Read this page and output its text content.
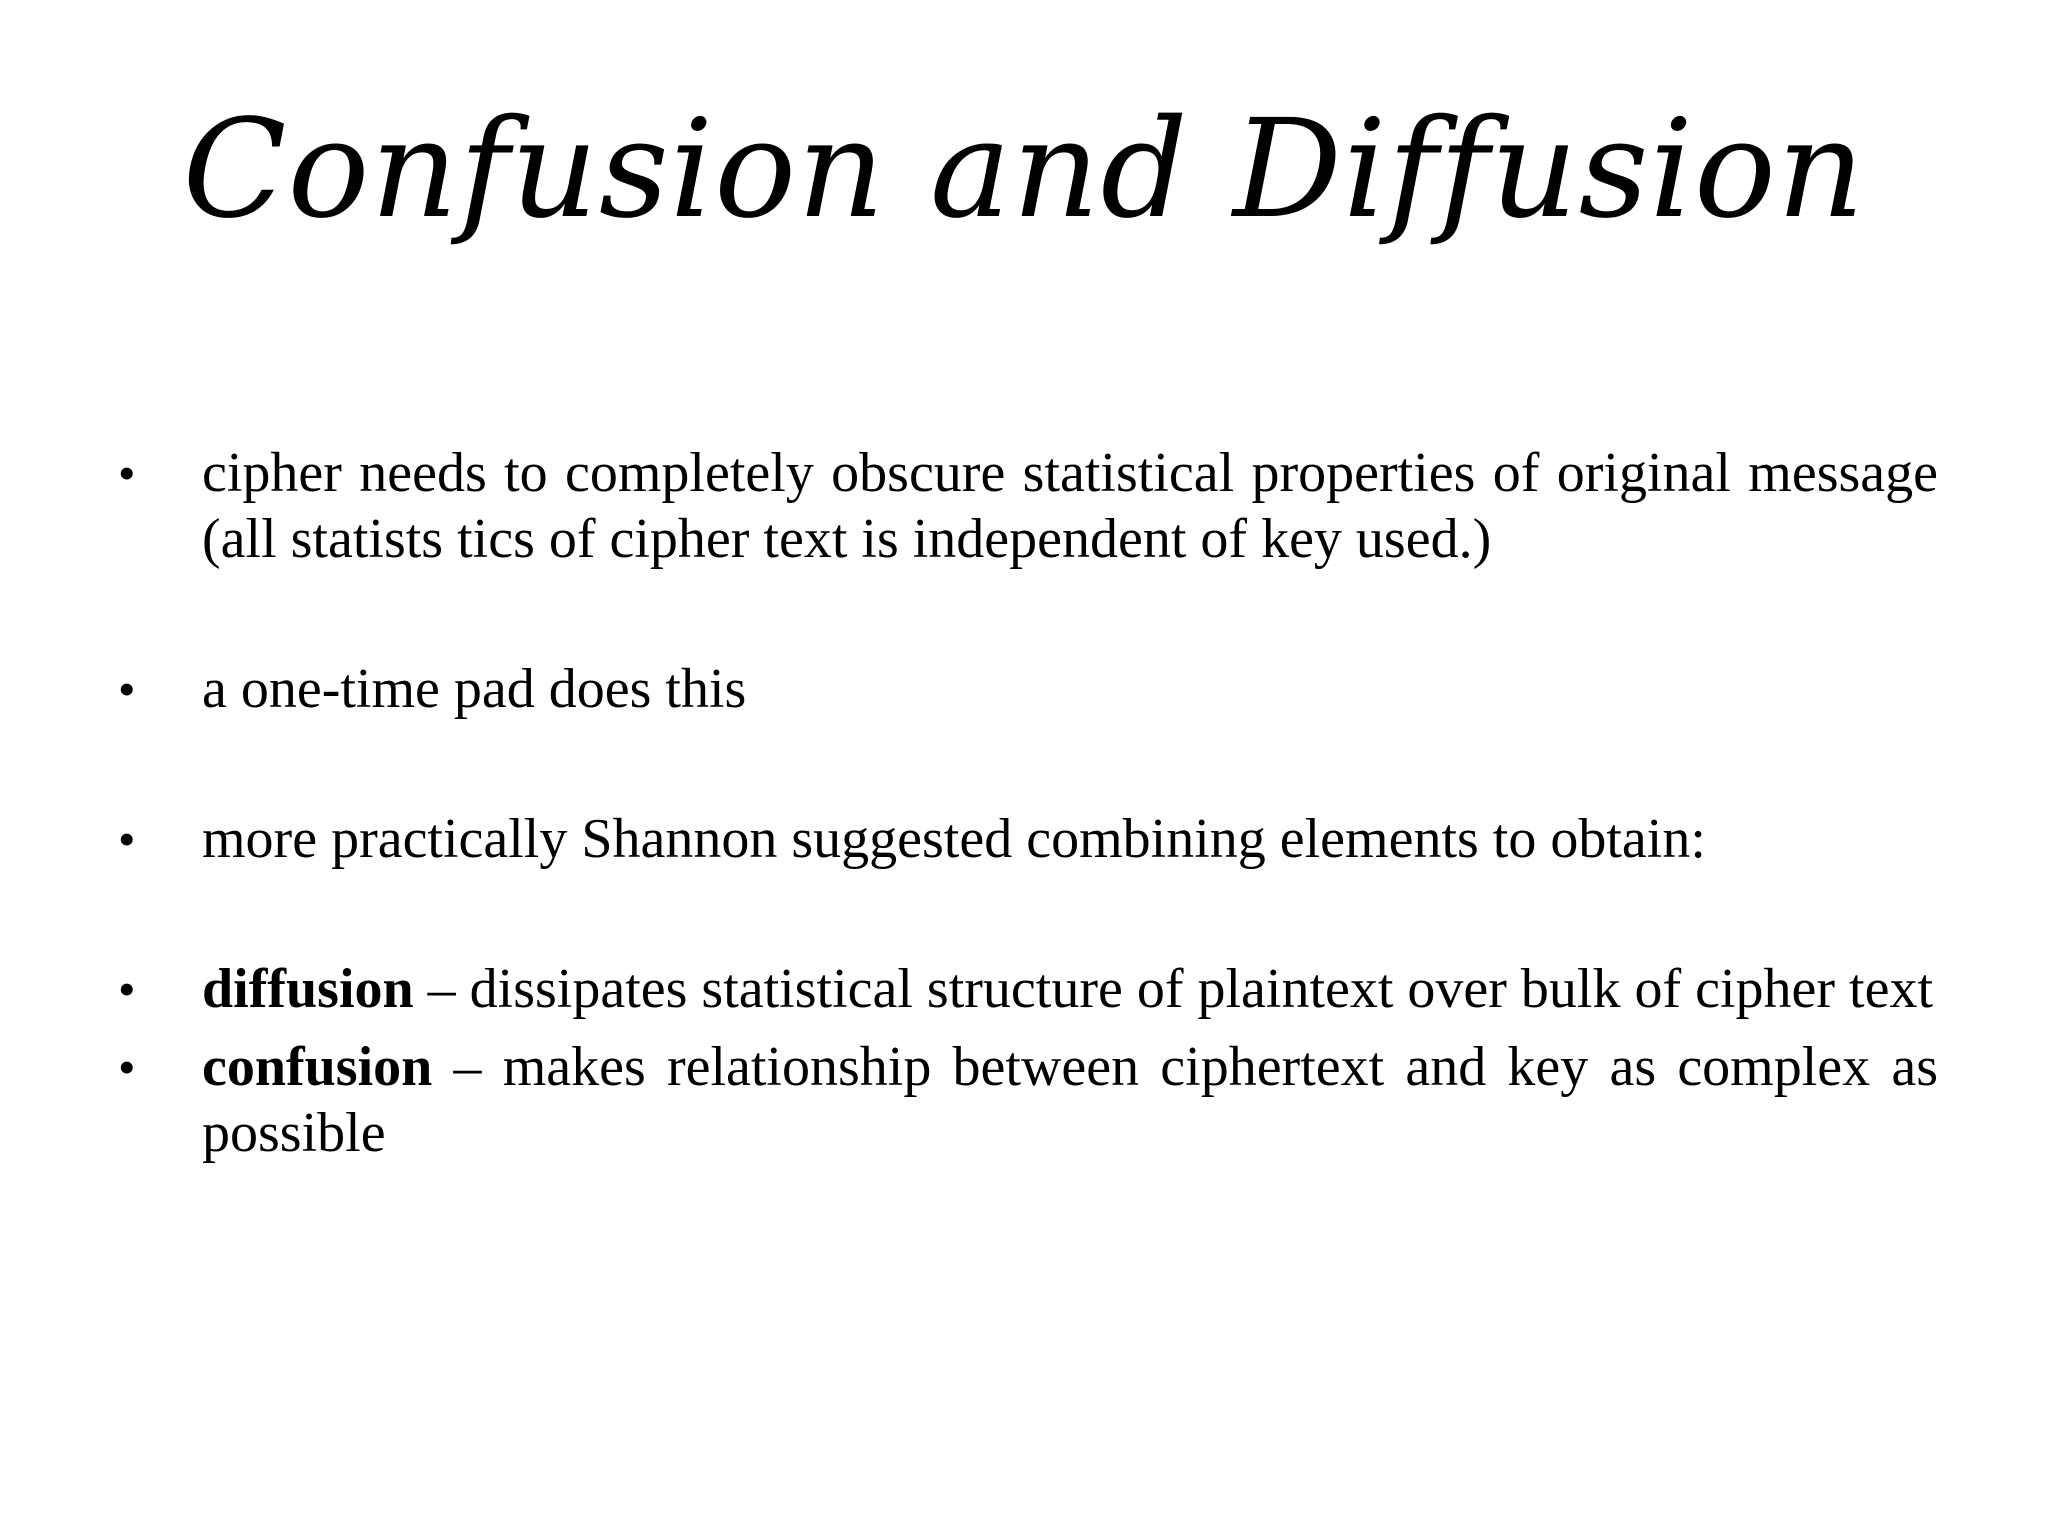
Confusion and Diffusion
•	cipher needs to completely obscure statistical properties of original message (all statists tics of cipher text is independent of key used.)
•	a one-time pad does this
•	more practically Shannon suggested combining elements to obtain:
•	diffusion – dissipates statistical structure of plaintext over bulk of cipher text
•	confusion – makes relationship between ciphertext and key as complex as possible
